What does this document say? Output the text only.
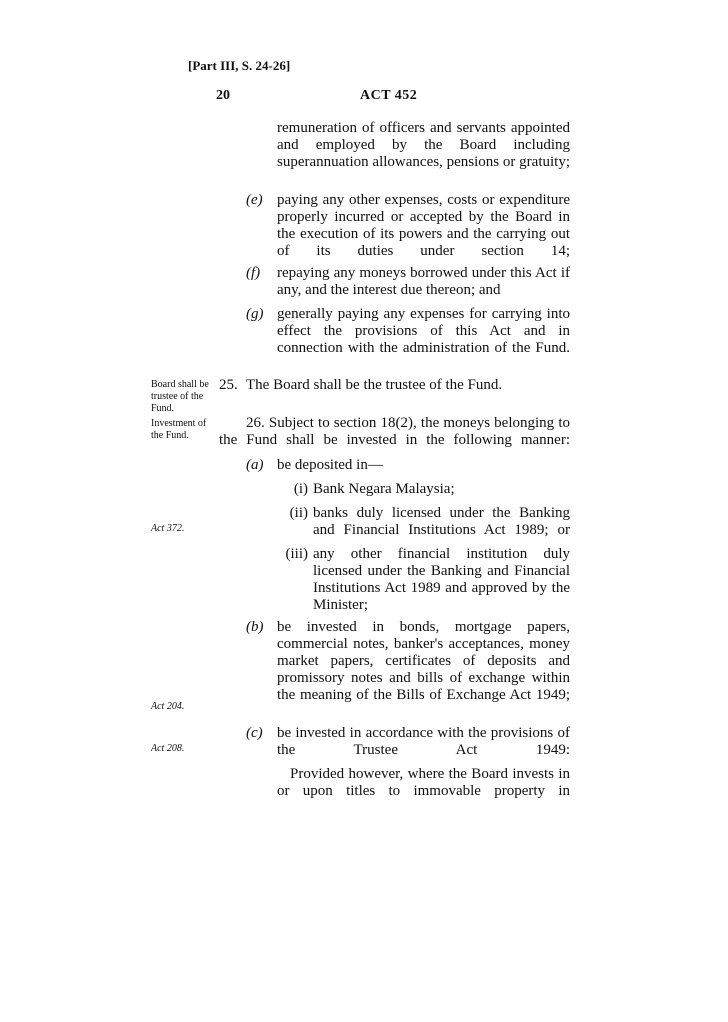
[Part III, S. 24-26]
20	ACT 452
remuneration of officers and servants appointed and employed by the Board including superannuation allowances, pensions or gratuity;
(e) paying any other expenses, costs or expenditure properly incurred or accepted by the Board in the execution of its powers and the carrying out of its duties under section 14;
(f) repaying any moneys borrowed under this Act if any, and the interest due thereon; and
(g) generally paying any expenses for carrying into effect the provisions of this Act and in connection with the administration of the Fund.
Board shall be trustee of the Fund.
25. The Board shall be the trustee of the Fund.
Investment of the Fund.
26. Subject to section 18(2), the moneys belonging to the Fund shall be invested in the following manner:
(a) be deposited in—
(i) Bank Negara Malaysia;
(ii) banks duly licensed under the Banking and Financial Institutions Act 1989; or
Act 372.
(iii) any other financial institution duly licensed under the Banking and Financial Institutions Act 1989 and approved by the Minister;
(b) be invested in bonds, mortgage papers, commercial notes, banker's acceptances, money market papers, certificates of deposits and promissory notes and bills of exchange within the meaning of the Bills of Exchange Act 1949;
Act 204.
(c) be invested in accordance with the provisions of the Trustee Act 1949:
Act 208.
Provided however, where the Board invests in or upon titles to immovable property in
